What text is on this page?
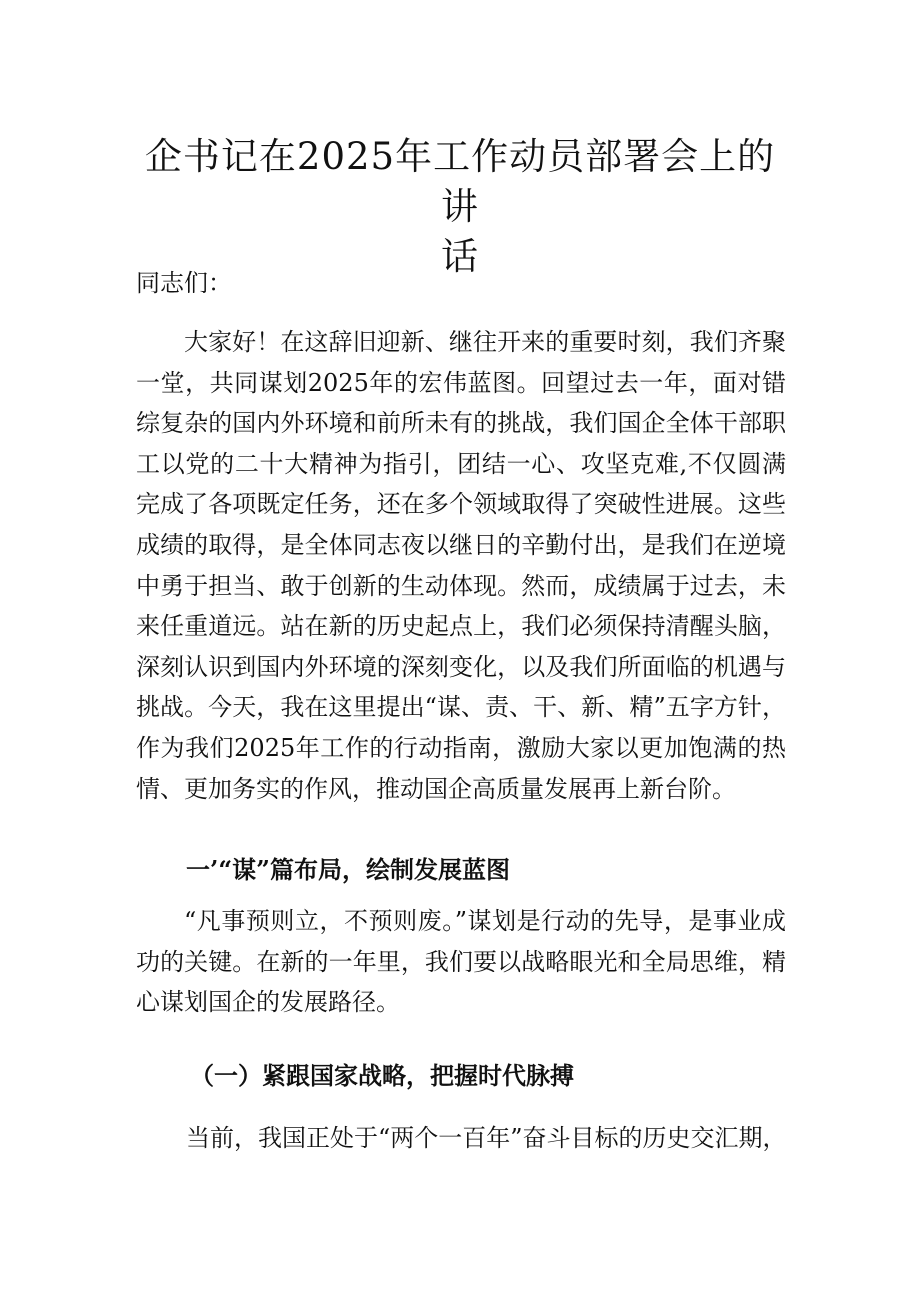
企书记在2025年工作动员部署会上的讲
话

同志们：

大家好！在这辞旧迎新、继往开来的重要时刻，我们齐聚一堂，共同谋划2025年的宏伟蓝图。回望过去一年，面对错综复杂的国内外环境和前所未有的挑战，我们国企全体干部职工以党的二十大精神为指引，团结一心、攻坚克难,不仅圆满完成了各项既定任务，还在多个领域取得了突破性进展。这些成绩的取得，是全体同志夜以继日的辛勤付出，是我们在逆境中勇于担当、敢于创新的生动体现。然而，成绩属于过去，未来任重道远。站在新的历史起点上，我们必须保持清醒头脑，深刻认识到国内外环境的深刻变化，以及我们所面临的机遇与挑战。今天，我在这里提出“谋、责、干、新、精”五字方针，作为我们2025年工作的行动指南，激励大家以更加饱满的热情、更加务实的作风，推动国企高质量发展再上新台阶。

一’“谋”篇布局，绘制发展蓝图

“凡事预则立，不预则废。”谋划是行动的先导，是事业成功的关键。在新的一年里，我们要以战略眼光和全局思维，精心谋划国企的发展路径。

（一）紧跟国家战略，把握时代脉搏

当前，我国正处于“两个一百年”奋斗目标的历史交汇期，
